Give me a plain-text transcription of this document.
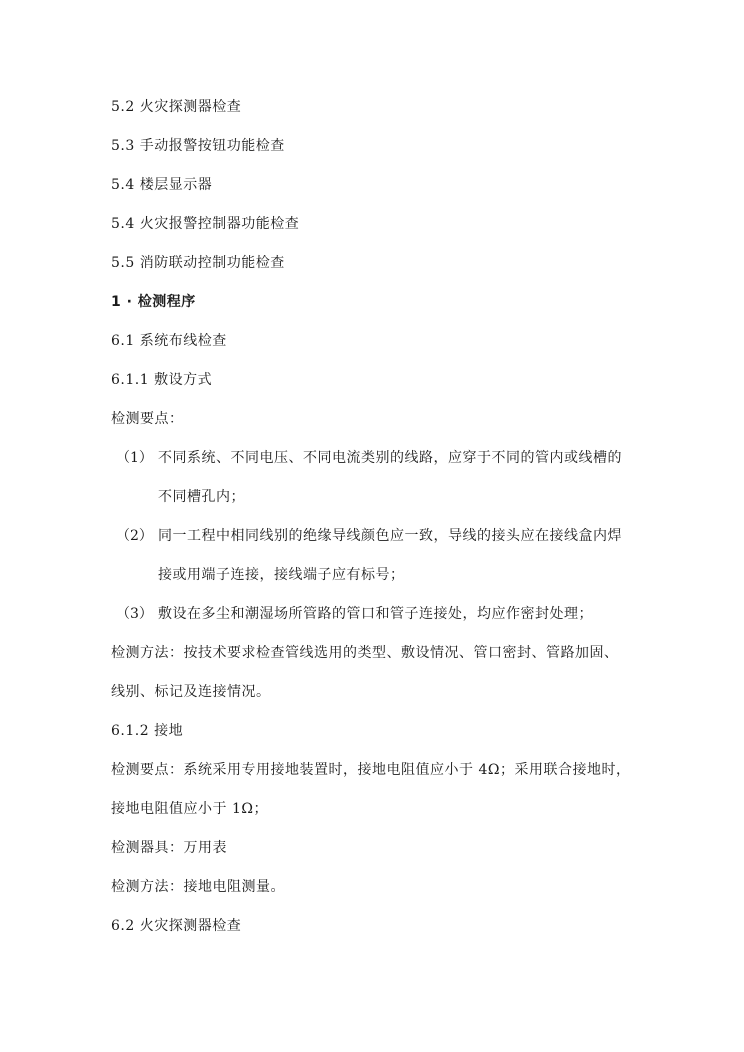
5.2 火灾探测器检查
5.3 手动报警按钮功能检查
5.4 楼层显示器
5.4 火灾报警控制器功能检查
5.5 消防联动控制功能检查
1 · 检测程序
6.1 系统布线检查
6.1.1 敷设方式
检测要点：
（1） 不同系统、不同电压、不同电流类别的线路，应穿于不同的管内或线槽的
不同槽孔内；
（2） 同一工程中相同线别的绝缘导线颜色应一致，导线的接头应在接线盒内焊
接或用端子连接，接线端子应有标号；
（3） 敷设在多尘和潮湿场所管路的管口和管子连接处，均应作密封处理；
检测方法：按技术要求检查管线选用的类型、敷设情况、管口密封、管路加固、
线别、标记及连接情况。
6.1.2 接地
检测要点：系统采用专用接地装置时，接地电阻值应小于 4Ω；采用联合接地时，
接地电阻值应小于 1Ω；
检测器具：万用表
检测方法：接地电阻测量。
6.2 火灾探测器检查
